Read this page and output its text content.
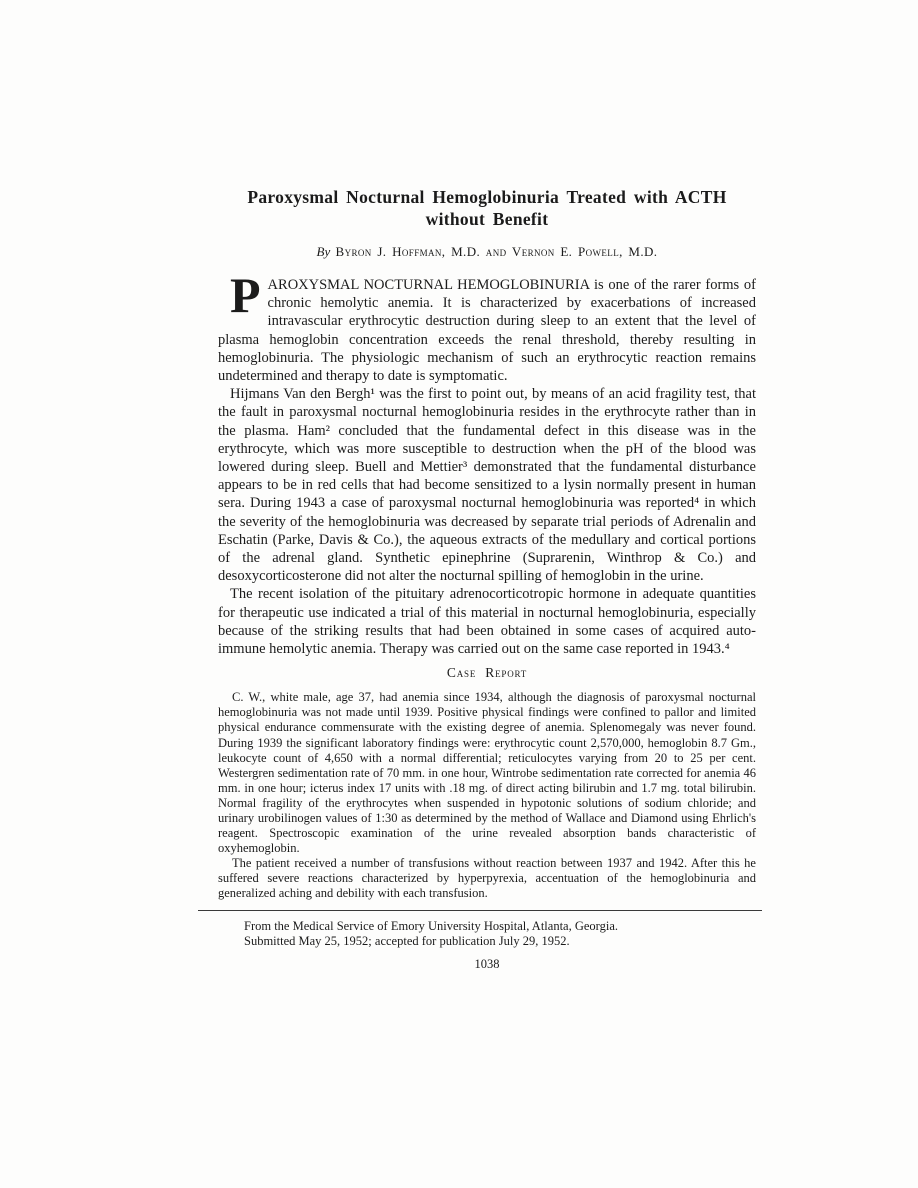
Paroxysmal Nocturnal Hemoglobinuria Treated with ACTH
without Benefit
By Byron J. Hoffman, M.D. and Vernon E. Powell, M.D.

PAROXYSMAL NOCTURNAL HEMOGLOBINURIA is one of the rarer forms of chronic hemolytic anemia. It is characterized by exacerbations of increased intravascular erythrocytic destruction during sleep to an extent that the level of plasma hemoglobin concentration exceeds the renal threshold, thereby resulting in hemoglobinuria. The physiologic mechanism of such an erythrocytic reaction remains undetermined and therapy to date is symptomatic.

Hijmans Van den Bergh¹ was the first to point out, by means of an acid fragility test, that the fault in paroxysmal nocturnal hemoglobinuria resides in the erythrocyte rather than in the plasma. Ham² concluded that the fundamental defect in this disease was in the erythrocyte, which was more susceptible to destruction when the pH of the blood was lowered during sleep. Buell and Mettier³ demonstrated that the fundamental disturbance appears to be in red cells that had become sensitized to a lysin normally present in human sera. During 1943 a case of paroxysmal nocturnal hemoglobinuria was reported⁴ in which the severity of the hemoglobinuria was decreased by separate trial periods of Adrenalin and Eschatin (Parke, Davis & Co.), the aqueous extracts of the medullary and cortical portions of the adrenal gland. Synthetic epinephrine (Suprarenin, Winthrop & Co.) and desoxycorticosterone did not alter the nocturnal spilling of hemoglobin in the urine.

The recent isolation of the pituitary adrenocorticotropic hormone in adequate quantities for therapeutic use indicated a trial of this material in nocturnal hemoglobinuria, especially because of the striking results that had been obtained in some cases of acquired auto-immune hemolytic anemia. Therapy was carried out on the same case reported in 1943.⁴

Case Report

C. W., white male, age 37, had anemia since 1934, although the diagnosis of paroxysmal nocturnal hemoglobinuria was not made until 1939. Positive physical findings were confined to pallor and limited physical endurance commensurate with the existing degree of anemia. Splenomegaly was never found. During 1939 the significant laboratory findings were: erythrocytic count 2,570,000, hemoglobin 8.7 Gm., leukocyte count of 4,650 with a normal differential; reticulocytes varying from 20 to 25 per cent. Westergren sedimentation rate of 70 mm. in one hour, Wintrobe sedimentation rate corrected for anemia 46 mm. in one hour; icterus index 17 units with .18 mg. of direct acting bilirubin and 1.7 mg. total bilirubin. Normal fragility of the erythrocytes when suspended in hypotonic solutions of sodium chloride; and urinary urobilinogen values of 1:30 as determined by the method of Wallace and Diamond using Ehrlich's reagent. Spectroscopic examination of the urine revealed absorption bands characteristic of oxyhemoglobin.

The patient received a number of transfusions without reaction between 1937 and 1942. After this he suffered severe reactions characterized by hyperpyrexia, accentuation of the hemoglobinuria and generalized aching and debility with each transfusion.

From the Medical Service of Emory University Hospital, Atlanta, Georgia.

Submitted May 25, 1952; accepted for publication July 29, 1952.

1038
